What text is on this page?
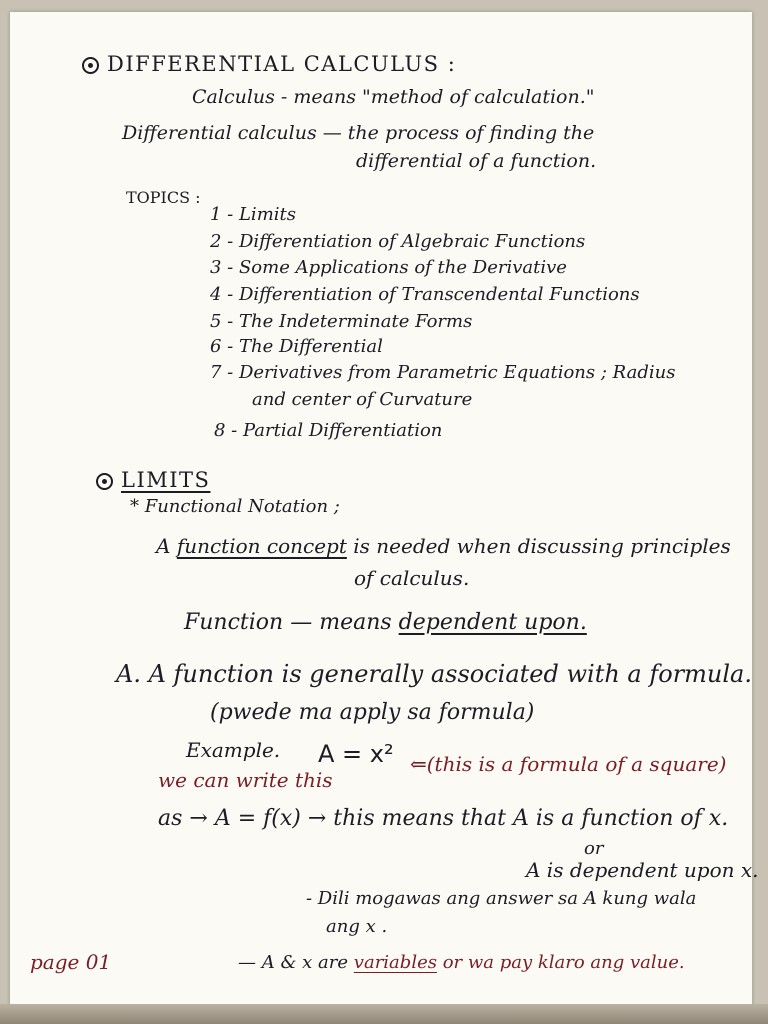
DIFFERENTIAL CALCULUS :
Calculus - means "method of calculation."
Differential calculus — the process of finding the
differential of a function.
TOPICS :
1 - Limits
2 - Differentiation of Algebraic Functions
3 - Some Applications of the Derivative
4 - Differentiation of Transcendental Functions
5 - The Indeterminate Forms
6 - The Differential
7 - Derivatives from Parametric Equations ; Radius
and center of Curvature
8 - Partial Differentiation
LIMITS
* Functional Notation ;
A function concept is needed when discussing principles
of calculus.
Function — means dependent upon.
A. A function is generally associated with a formula.
(pwede ma apply sa formula)
Example. A = x² ⇐(this is a formula of a square)
we can write this
as → A = f(x) → this means that A is a function of x.
or
A is dependent upon x.
- Dili mogawas ang answer sa A kung wala
ang x .
page 01	— A & x are variables or wa pay klaro ang value.
